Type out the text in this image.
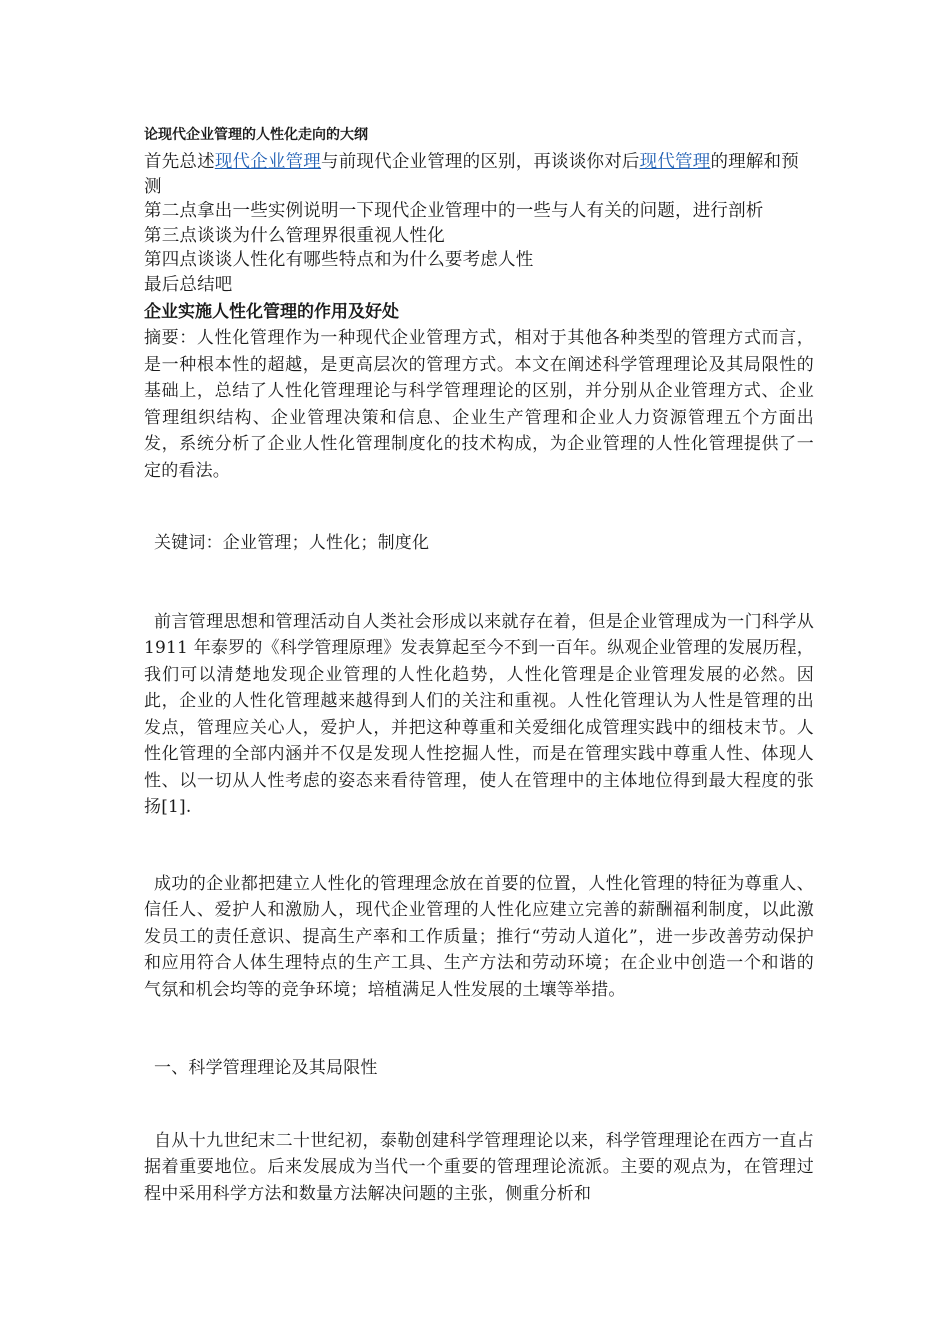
论现代企业管理的人性化走向的大纲

首先总述现代企业管理与前现代企业管理的区别，再谈谈你对后现代管理的理解和预测

第二点拿出一些实例说明一下现代企业管理中的一些与人有关的问题，进行剖析

第三点谈谈为什么管理界很重视人性化

第四点谈谈人性化有哪些特点和为什么要考虑人性

最后总结吧

企业实施人性化管理的作用及好处

摘要：人性化管理作为一种现代企业管理方式，相对于其他各种类型的管理方式而言，是一种根本性的超越，是更高层次的管理方式。本文在阐述科学管理理论及其局限性的基础上，总结了人性化管理理论与科学管理理论的区别，并分别从企业管理方式、企业管理组织结构、企业管理决策和信息、企业生产管理和企业人力资源管理五个方面出发，系统分析了企业人性化管理制度化的技术构成，为企业管理的人性化管理提供了一定的看法。

关键词：企业管理；人性化；制度化

前言管理思想和管理活动自人类社会形成以来就存在着，但是企业管理成为一门科学从 1911 年泰罗的《科学管理原理》发表算起至今不到一百年。纵观企业管理的发展历程，我们可以清楚地发现企业管理的人性化趋势，人性化管理是企业管理发展的必然。因此，企业的人性化管理越来越得到人们的关注和重视。人性化管理认为人性是管理的出发点，管理应关心人，爱护人，并把这种尊重和关爱细化成管理实践中的细枝末节。人性化管理的全部内涵并不仅是发现人性挖掘人性，而是在管理实践中尊重人性、体现人性、以一切从人性考虑的姿态来看待管理，使人在管理中的主体地位得到最大程度的张扬[1].

成功的企业都把建立人性化的管理理念放在首要的位置，人性化管理的特征为尊重人、信任人、爱护人和激励人，现代企业管理的人性化应建立完善的薪酬福利制度，以此激发员工的责任意识、提高生产率和工作质量；推行“劳动人道化”，进一步改善劳动保护和应用符合人体生理特点的生产工具、生产方法和劳动环境；在企业中创造一个和谐的气氛和机会均等的竞争环境；培植满足人性发展的土壤等举措。

一、科学管理理论及其局限性

自从十九世纪末二十世纪初，泰勒创建科学管理理论以来，科学管理理论在西方一直占据着重要地位。后来发展成为当代一个重要的管理理论流派。主要的观点为，在管理过程中采用科学方法和数量方法解决问题的主张，侧重分析和
